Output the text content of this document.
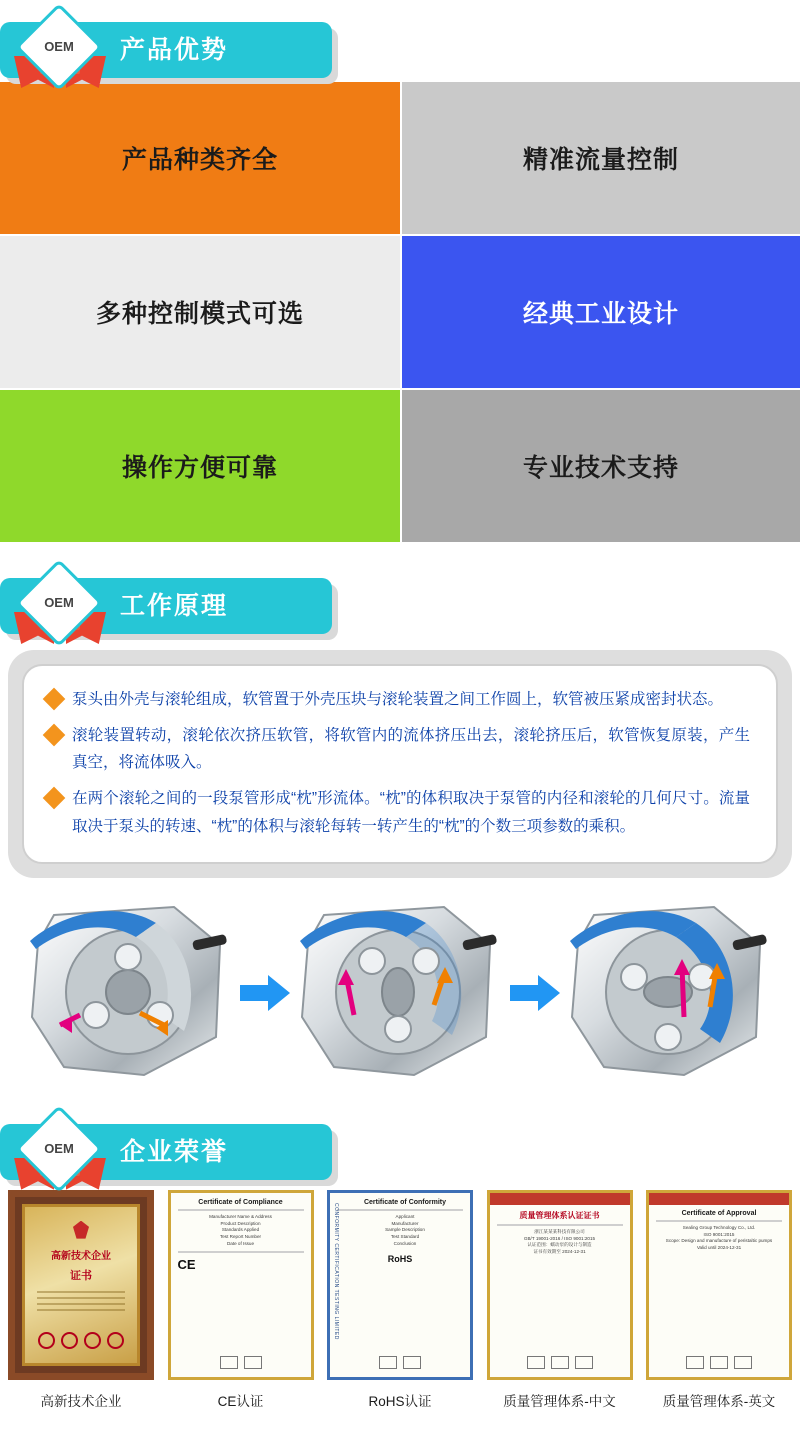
OEM	产品优势
产品种类齐全	精准流量控制
多种控制模式可选	经典工业设计
操作方便可靠	专业技术支持
OEM	工作原理
泵头由外壳与滚轮组成，软管置于外壳压块与滚轮装置之间工作圆上，软管被压紧成密封状态。
滚轮装置转动，滚轮依次挤压软管，将软管内的流体挤压出去，滚轮挤压后，软管恢复原装，产生真空，将流体吸入。
在两个滚轮之间的一段泵管形成“枕”形流体。“枕”的体积取决于泵管的内径和滚轮的几何尺寸。流量取决于泵头的转速、“枕”的体积与滚轮每转一转产生的“枕”的个数三项参数的乘积。
OEM	企业荣誉
高新技术企业
证书
高新技术企业
Certificate of Compliance
Manufacturer Name & Address
Product Description
Standards Applied
Test Report Number
Date of Issue
CE
CE认证
CONFORMITY CERTIFICATION TESTING LIMITED
Certificate of Conformity
Applicant
Manufacturer
Sample Description
Test Standard
Conclusion
RoHS
RoHS认证
质量管理体系认证证书
浙江某某某科技有限公司
GB/T 19001-2016 / ISO 9001:2015
认证范围：蠕动泵的设计与制造
证书有效期至 2024-12-31
质量管理体系-中文
Certificate of Approval
Sealing Group Technology Co., Ltd.
ISO 9001:2015
Scope: Design and manufacture of peristaltic pumps
Valid until 2024-12-31
质量管理体系-英文
